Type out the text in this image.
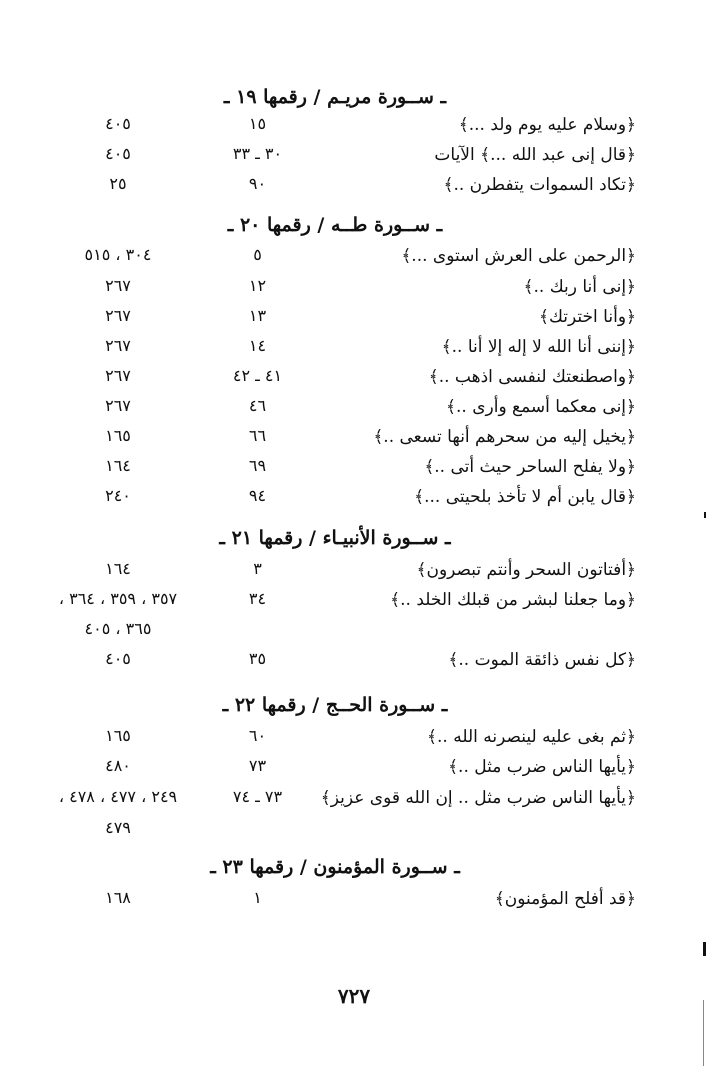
ـ ســورة مريـم / رقمها ١٩ ـ
﴿وسلام عليه يوم ولد ...﴾
١٥
٤٠٥
﴿قال إنى عبد الله ...﴾ الآيات
٣٠ ـ ٣٣
٤٠٥
﴿تكاد السموات يتفطرن ..﴾
٩٠
٢٥
ـ ســورة طــه / رقمها ٢٠ ـ
﴿الرحمن على العرش استوى ...﴾
٥
٣٠٤ ، ٥١٥
﴿إنى أنا ربك ..﴾
١٢
٢٦٧
﴿وأنا اخترتك﴾
١٣
٢٦٧
﴿إننى أنا الله لا إله إلا أنا ..﴾
١٤
٢٦٧
﴿واصطنعتك لنفسى اذهب ..﴾
٤١ ـ ٤٢
٢٦٧
﴿إنى معكما أسمع وأرى ..﴾
٤٦
٢٦٧
﴿يخيل إليه من سحرهم أنها تسعى ..﴾
٦٦
١٦٥
﴿ولا يفلح الساحر حيث أتى ..﴾
٦٩
١٦٤
﴿قال يابن أم لا تأخذ بلحيتى ...﴾
٩٤
٢٤٠
ـ ســورة الأنبيـاء / رقمها ٢١ ـ
﴿أفتاتون السحر وأنتم تبصرون﴾
٣
١٦٤
﴿وما جعلنا لبشر من قبلك الخلد ..﴾
٣٤
٣٥٧ ، ٣٥٩ ، ٣٦٤ ،
٣٦٥ ، ٤٠٥
﴿كل نفس ذائقة الموت ..﴾
٣٥
٤٠٥
ـ ســورة الحــج / رقمها ٢٢ ـ
﴿ثم بغى عليه لينصرنه الله ..﴾
٦٠
١٦٥
﴿يأيها الناس ضرب مثل ..﴾
٧٣
٤٨٠
﴿يأيها الناس ضرب مثل .. إن الله قوى عزيز﴾
٧٣ ـ ٧٤
٢٤٩ ، ٤٧٧ ، ٤٧٨ ،
٤٧٩
ـ ســورة المؤمنون / رقمها ٢٣ ـ
﴿قد أفلح المؤمنون﴾
١
١٦٨
٧٢٧
